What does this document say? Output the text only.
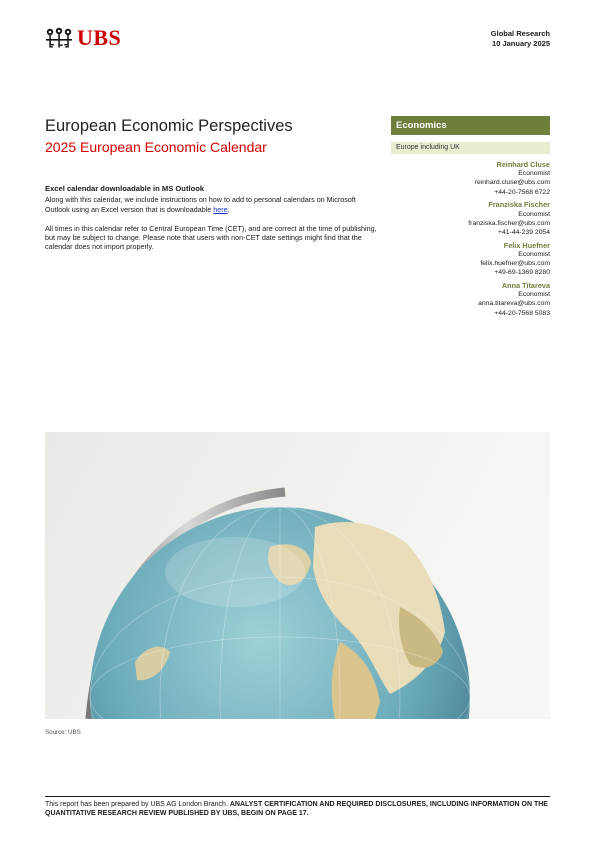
UBS	Global Research
10 January 2025
European Economic Perspectives
2025 European Economic Calendar
Economics
Europe including UK
Reinhard Cluse
Economist
reinhard.cluse@ubs.com
+44-20-7568 6722
Franziska Fischer
Economist
franziska.fischer@ubs.com
+41-44-239 2054
Felix Huefner
Economist
felix.huefner@ubs.com
+49-69-1369 8280
Anna Titareva
Economist
anna.titareva@ubs.com
+44-20-7568 5083
Excel calendar downloadable in MS Outlook

Along with this calendar, we include instructions on how to add to personal calendars on Microsoft Outlook using an Excel version that is downloadable here.

All times in this calendar refer to Central European Time (CET), and are correct at the time of publishing, but may be subject to change. Please note that users with non-CET date settings might find that the calendar does not import properly.

Source: UBS
This report has been prepared by UBS AG London Branch. ANALYST CERTIFICATION AND REQUIRED DISCLOSURES, INCLUDING INFORMATION ON THE QUANTITATIVE RESEARCH REVIEW PUBLISHED BY UBS, BEGIN ON PAGE 17.
